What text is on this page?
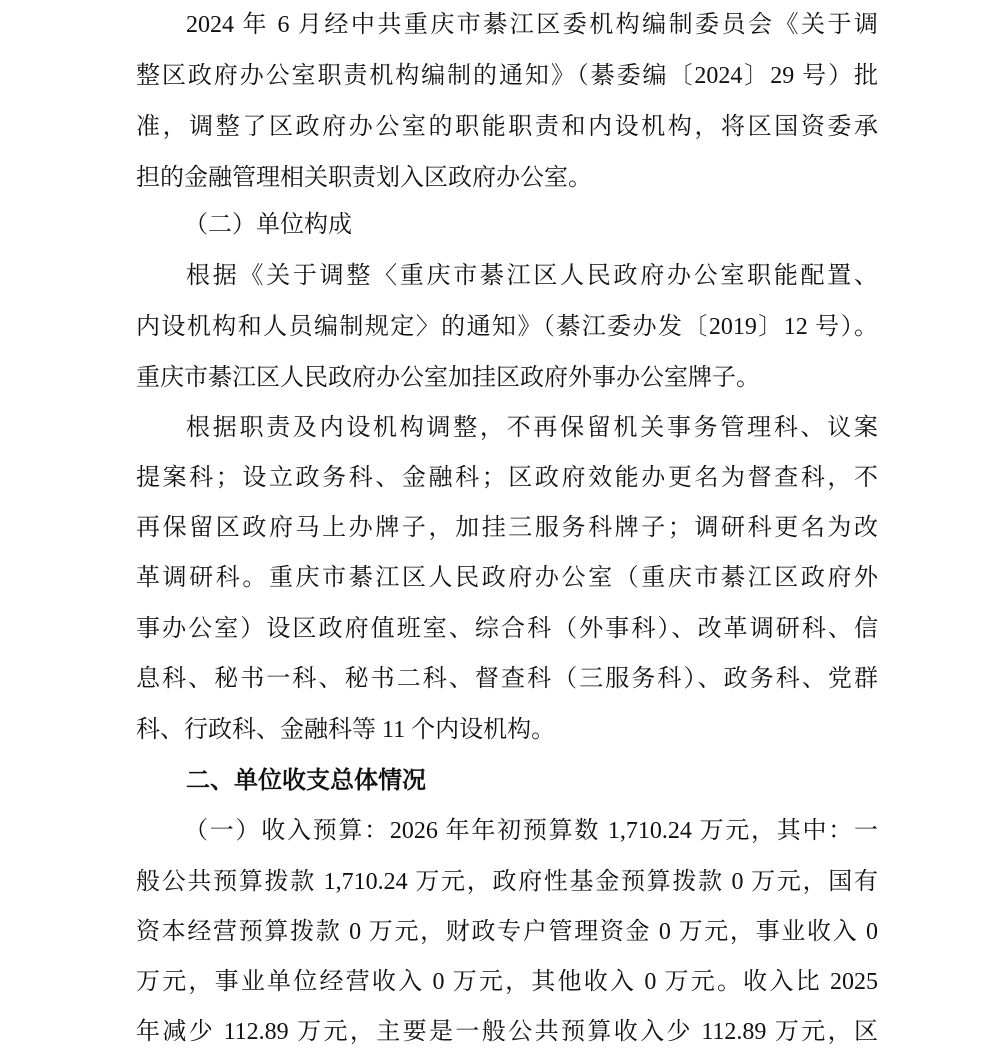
2024 年 6 月经中共重庆市綦江区委机构编制委员会《关于调
整区政府办公室职责机构编制的通知》（綦委编〔2024〕29 号）批
准，调整了区政府办公室的职能职责和内设机构，将区国资委承
担的金融管理相关职责划入区政府办公室。
（二）单位构成
根据《关于调整〈重庆市綦江区人民政府办公室职能配置、
内设机构和人员编制规定〉的通知》（綦江委办发〔2019〕12 号）。
重庆市綦江区人民政府办公室加挂区政府外事办公室牌子。
根据职责及内设机构调整，不再保留机关事务管理科、议案
提案科；设立政务科、金融科；区政府效能办更名为督查科，不
再保留区政府马上办牌子，加挂三服务科牌子；调研科更名为改
革调研科。重庆市綦江区人民政府办公室（重庆市綦江区政府外
事办公室）设区政府值班室、综合科（外事科）、改革调研科、信
息科、秘书一科、秘书二科、督查科（三服务科）、政务科、党群
科、行政科、金融科等 11 个内设机构。
二、单位收支总体情况
（一）收入预算：2026 年年初预算数 1,710.24 万元，其中：一
般公共预算拨款 1,710.24 万元，政府性基金预算拨款 0 万元，国有
资本经营预算拨款 0 万元，财政专户管理资金 0 万元，事业收入 0
万元，事业单位经营收入 0 万元，其他收入 0 万元。收入比 2025
年减少 112.89 万元，主要是一般公共预算收入少 112.89 万元，区
